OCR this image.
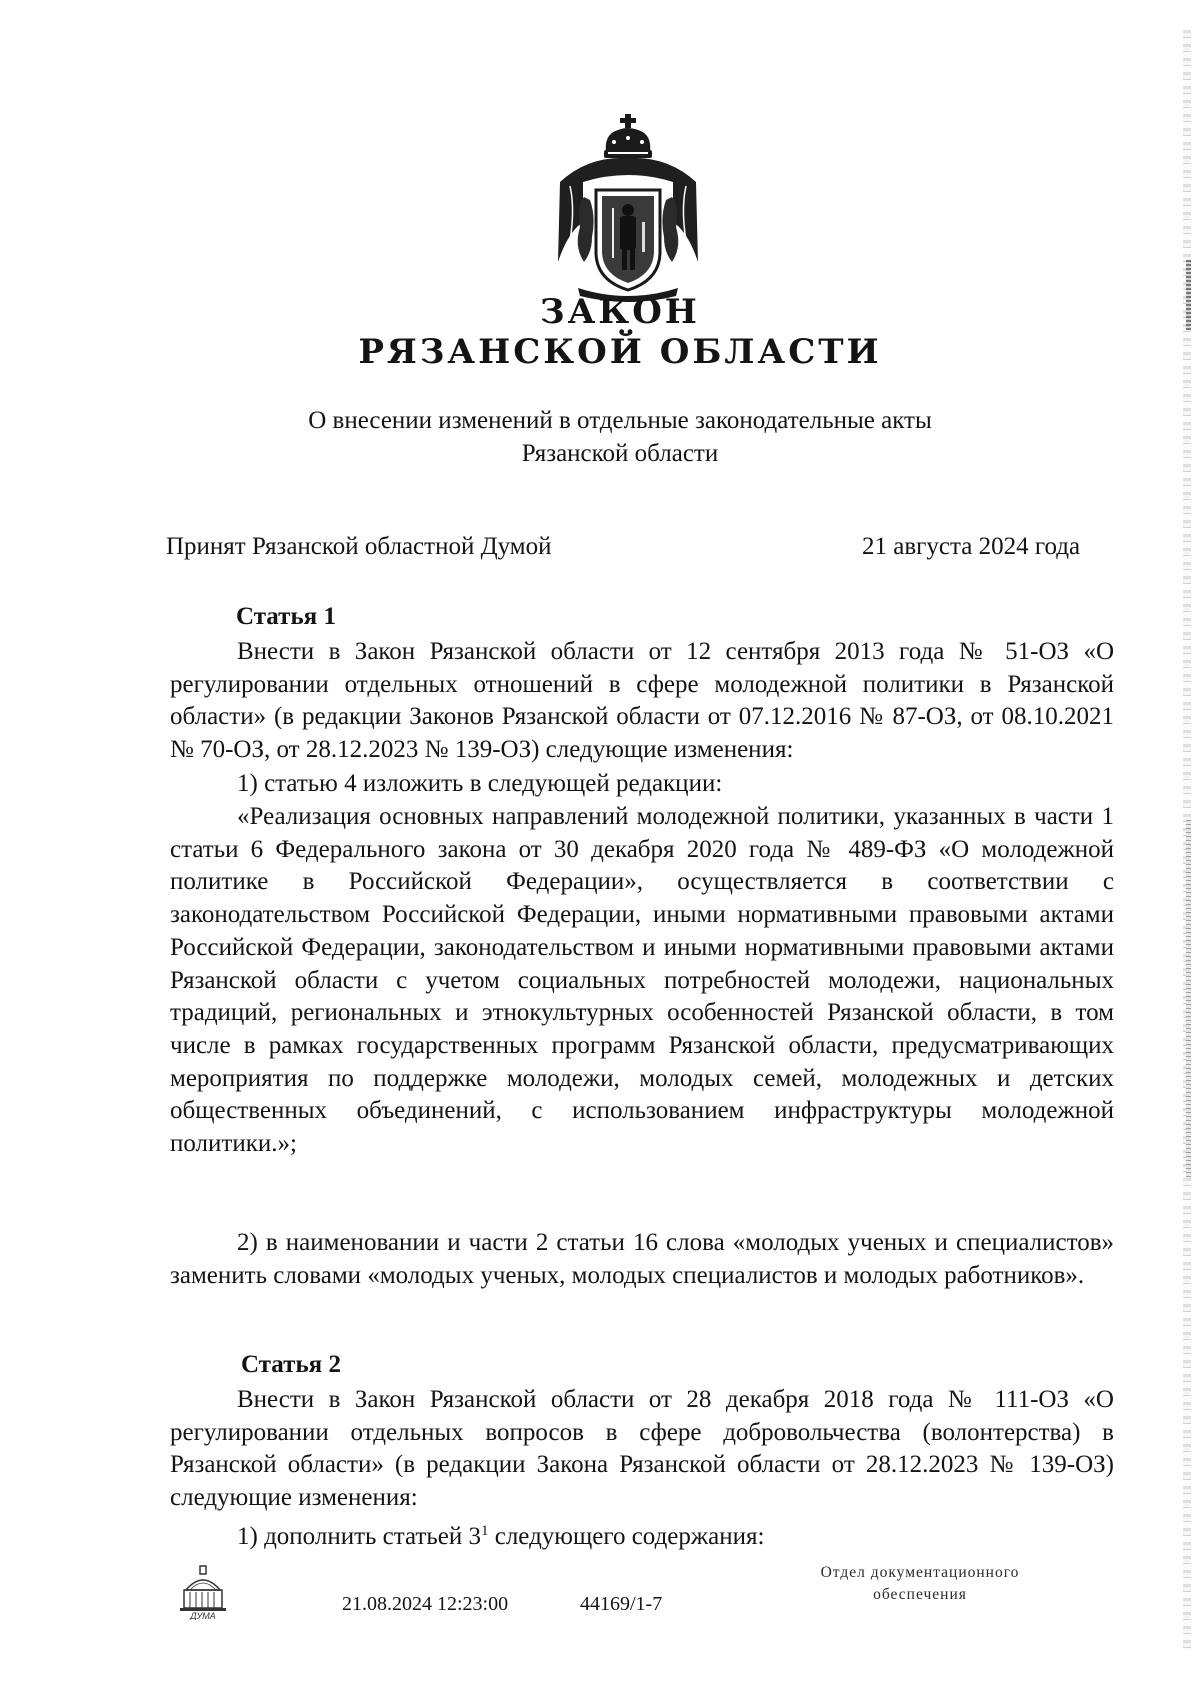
ЗАКОН
РЯЗАНСКОЙ ОБЛАСТИ
О внесении изменений в отдельные законодательные акты
Рязанской области
Принят Рязанской областной Думой	21 августа 2024 года
Статья 1

Внести в Закон Рязанской области от 12 сентября 2013 года № 51-ОЗ «О регулировании отдельных отношений в сфере молодежной политики в Рязанской области» (в редакции Законов Рязанской области от 07.12.2016 № 87-ОЗ, от 08.10.2021 № 70-ОЗ, от 28.12.2023 № 139-ОЗ) следующие изменения:

1) статью 4 изложить в следующей редакции:

«Реализация основных направлений молодежной политики, указанных в части 1 статьи 6 Федерального закона от 30 декабря 2020 года № 489-ФЗ «О молодежной политике в Российской Федерации», осуществляется в соответствии с законодательством Российской Федерации, иными нормативными правовыми актами Российской Федерации, законодательством и иными нормативными правовыми актами Рязанской области с учетом социальных потребностей молодежи, национальных традиций, региональных и этнокультурных особенностей Рязанской области, в том числе в рамках государственных программ Рязанской области, предусматривающих мероприятия по поддержке молодежи, молодых семей, молодежных и детских общественных объединений, с использованием инфраструктуры молодежной политики.»;

2) в наименовании и части 2 статьи 16 слова «молодых ученых и специалистов» заменить словами «молодых ученых, молодых специалистов и молодых работников».

Статья 2

Внести в Закон Рязанской области от 28 декабря 2018 года № 111-ОЗ «О регулировании отдельных вопросов в сфере добровольчества (волонтерства) в Рязанской области» (в редакции Закона Рязанской области от 28.12.2023 № 139-ОЗ) следующие изменения:

1) дополнить статьей $3^1$ следующего содержания:

ДУМА
21.08.2024 12:23:00	44169/1-7
Отдел документационного
обеспечения
